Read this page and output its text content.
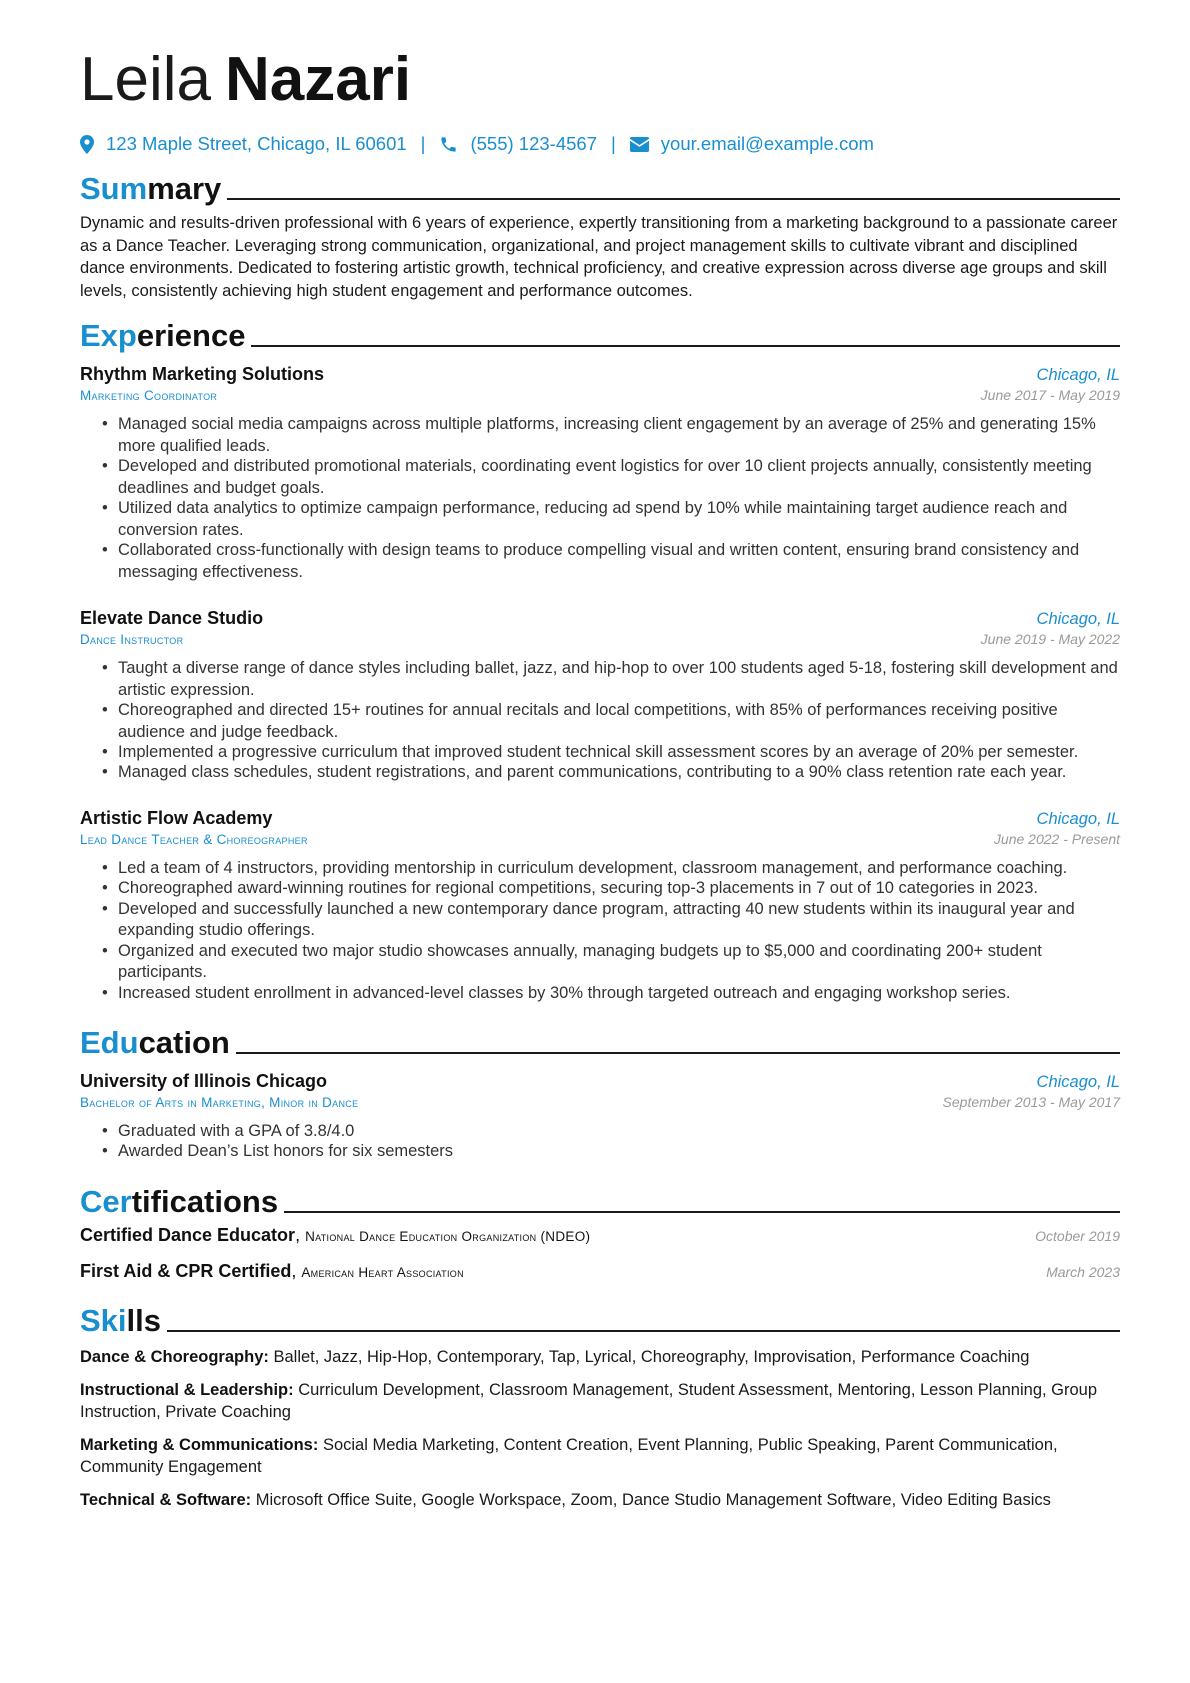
Leila Nazari
123 Maple Street, Chicago, IL 60601 | (555) 123-4567 | your.email@example.com
Summary
Dynamic and results-driven professional with 6 years of experience, expertly transitioning from a marketing background to a passionate career as a Dance Teacher. Leveraging strong communication, organizational, and project management skills to cultivate vibrant and disciplined dance environments. Dedicated to fostering artistic growth, technical proficiency, and creative expression across diverse age groups and skill levels, consistently achieving high student engagement and performance outcomes.
Experience
Rhythm Marketing Solutions	Chicago, IL
Marketing Coordinator	June 2017 - May 2019
• Managed social media campaigns across multiple platforms, increasing client engagement by an average of 25% and generating 15% more qualified leads.
• Developed and distributed promotional materials, coordinating event logistics for over 10 client projects annually, consistently meeting deadlines and budget goals.
• Utilized data analytics to optimize campaign performance, reducing ad spend by 10% while maintaining target audience reach and conversion rates.
• Collaborated cross-functionally with design teams to produce compelling visual and written content, ensuring brand consistency and messaging effectiveness.
Elevate Dance Studio	Chicago, IL
Dance Instructor	June 2019 - May 2022
• Taught a diverse range of dance styles including ballet, jazz, and hip-hop to over 100 students aged 5-18, fostering skill development and artistic expression.
• Choreographed and directed 15+ routines for annual recitals and local competitions, with 85% of performances receiving positive audience and judge feedback.
• Implemented a progressive curriculum that improved student technical skill assessment scores by an average of 20% per semester.
• Managed class schedules, student registrations, and parent communications, contributing to a 90% class retention rate each year.
Artistic Flow Academy	Chicago, IL
Lead Dance Teacher & Choreographer	June 2022 - Present
• Led a team of 4 instructors, providing mentorship in curriculum development, classroom management, and performance coaching.
• Choreographed award-winning routines for regional competitions, securing top-3 placements in 7 out of 10 categories in 2023.
• Developed and successfully launched a new contemporary dance program, attracting 40 new students within its inaugural year and expanding studio offerings.
• Organized and executed two major studio showcases annually, managing budgets up to $5,000 and coordinating 200+ student participants.
• Increased student enrollment in advanced-level classes by 30% through targeted outreach and engaging workshop series.
Education
University of Illinois Chicago	Chicago, IL
Bachelor of Arts in Marketing, Minor in Dance	September 2013 - May 2017
• Graduated with a GPA of 3.8/4.0
• Awarded Dean’s List honors for six semesters
Certifications
Certified Dance Educator, National Dance Education Organization (NDEO)	October 2019
First Aid & CPR Certified, American Heart Association	March 2023
Skills
Dance & Choreography: Ballet, Jazz, Hip-Hop, Contemporary, Tap, Lyrical, Choreography, Improvisation, Performance Coaching
Instructional & Leadership: Curriculum Development, Classroom Management, Student Assessment, Mentoring, Lesson Planning, Group Instruction, Private Coaching
Marketing & Communications: Social Media Marketing, Content Creation, Event Planning, Public Speaking, Parent Communication, Community Engagement
Technical & Software: Microsoft Office Suite, Google Workspace, Zoom, Dance Studio Management Software, Video Editing Basics
